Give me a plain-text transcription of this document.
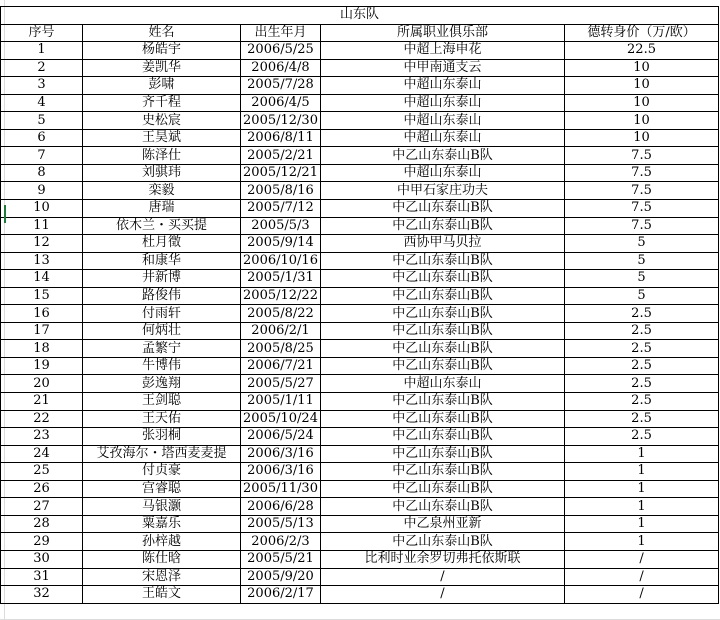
山东队				
序号	姓名	出生年月	所属职业俱乐部	德转身价（万/欧）
1	杨皓宇	2006/5/25	中超上海申花	22.5
2	姜凯华	2006/4/8	中甲南通支云	10
3	彭啸	2005/7/28	中超山东泰山	10
4	齐千程	2006/4/5	中超山东泰山	10
5	史松宸	2005/12/30	中超山东泰山	10
6	王昊斌	2006/8/11	中超山东泰山	10
7	陈泽仕	2005/2/21	中乙山东泰山B队	7.5
8	刘骐玮	2005/12/21	中超山东泰山	7.5
9	栾毅	2005/8/16	中甲石家庄功夫	7.5
10	唐瑞	2005/7/12	中乙山东泰山B队	7.5
11	依木兰・买买提	2005/5/3	中乙山东泰山B队	7.5
12	杜月徵	2005/9/14	西协甲马贝拉	5
13	和康华	2006/10/16	中乙山东泰山B队	5
14	井新博	2005/1/31	中乙山东泰山B队	5
15	路俊伟	2005/12/22	中乙山东泰山B队	5
16	付雨轩	2005/8/22	中乙山东泰山B队	2.5
17	何炳壮	2006/2/1	中乙山东泰山B队	2.5
18	孟繁宁	2005/8/25	中乙山东泰山B队	2.5
19	牛博伟	2006/7/21	中乙山东泰山B队	2.5
20	彭逸翔	2005/5/27	中超山东泰山	2.5
21	王剑聪	2005/1/11	中乙山东泰山B队	2.5
22	王天佑	2005/10/24	中乙山东泰山B队	2.5
23	张羽桐	2006/5/24	中乙山东泰山B队	2.5
24	艾孜海尔・塔西麦麦提	2006/3/16	中乙山东泰山B队	1
25	付贞豪	2006/3/16	中乙山东泰山B队	1
26	宫睿聪	2005/11/30	中乙山东泰山B队	1
27	马银灏	2006/6/28	中乙山东泰山B队	1
28	粟嘉乐	2005/5/13	中乙泉州亚新	1
29	孙梓越	2006/2/3	中乙山东泰山B队	1
30	陈仕晗	2005/5/21	比利时业余罗切弗托依斯联	/
31	宋恩泽	2005/9/20	/	/
32	王皓文	2006/2/17	/	/
